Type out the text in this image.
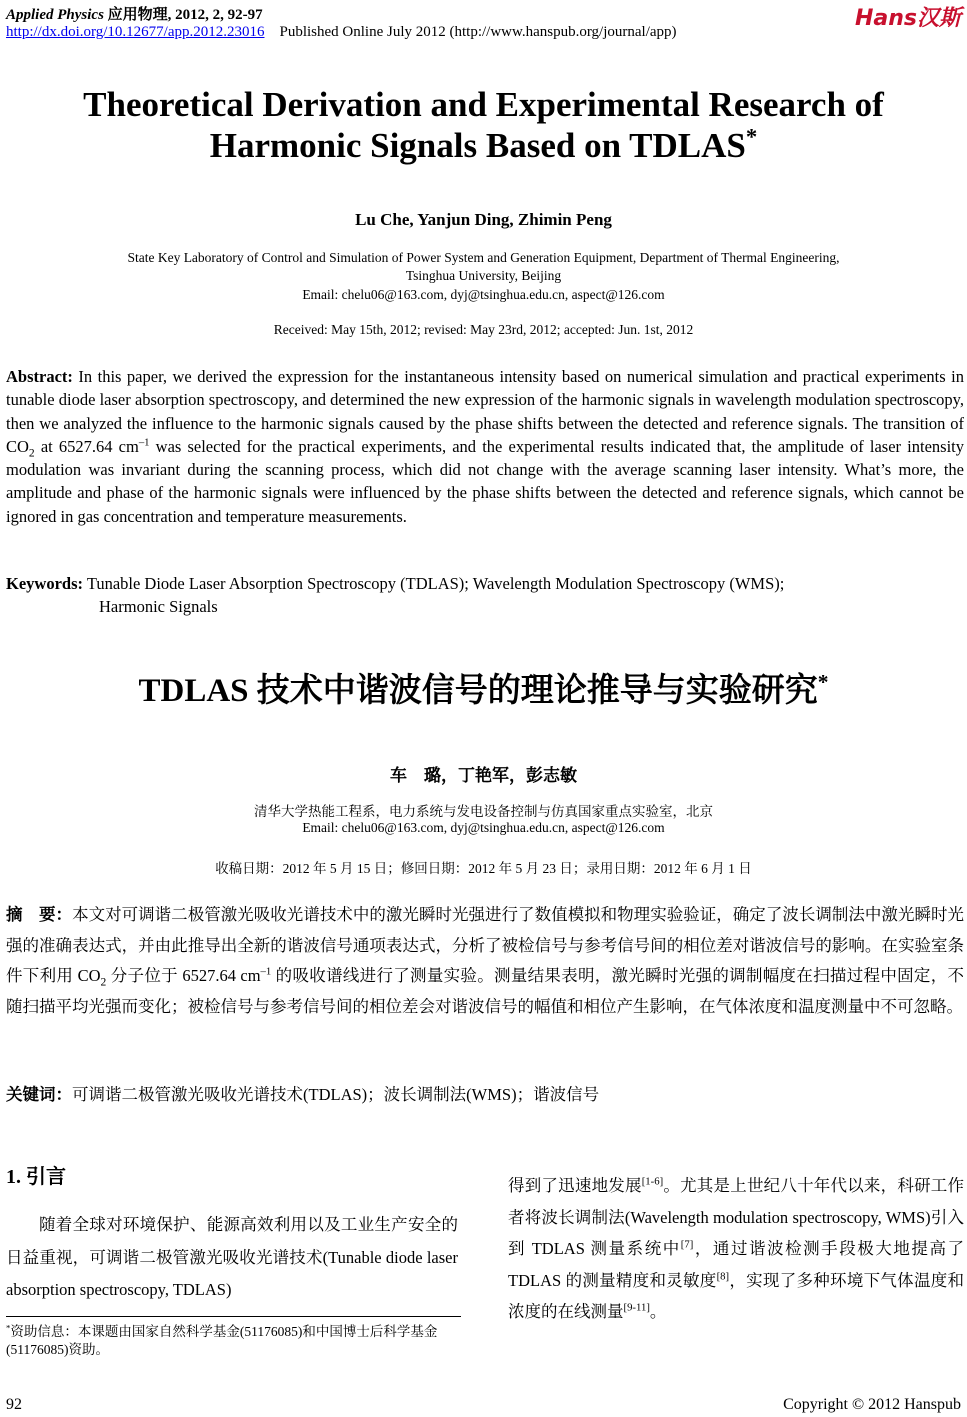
Applied Physics 应用物理, 2012, 2, 92-97
http://dx.doi.org/10.12677/app.2012.23016 Published Online July 2012 (http://www.hanspub.org/journal/app)
Hans汉斯
Theoretical Derivation and Experimental Research of
Harmonic Signals Based on TDLAS*
Lu Che, Yanjun Ding, Zhimin Peng
State Key Laboratory of Control and Simulation of Power System and Generation Equipment, Department of Thermal Engineering,
Tsinghua University, Beijing
Email: chelu06@163.com, dyj@tsinghua.edu.cn, aspect@126.com
Received: May 15th, 2012; revised: May 23rd, 2012; accepted: Jun. 1st, 2012
Abstract: In this paper, we derived the expression for the instantaneous intensity based on numerical simulation and practical experiments in tunable diode laser absorption spectroscopy, and determined the new expression of the harmonic signals in wavelength modulation spectroscopy, then we analyzed the influence to the harmonic signals caused by the phase shifts between the detected and reference signals. The transition of $CO_2$ at 6527.64 $cm^{-1}$ was selected for the practical experiments, and the experimental results indicated that, the amplitude of laser intensity modulation was invariant during the scanning process, which did not change with the average scanning laser intensity. What’s more, the amplitude and phase of the harmonic signals were influenced by the phase shifts between the detected and reference signals, which cannot be ignored in gas concentration and temperature measurements.
Keywords: Tunable Diode Laser Absorption Spectroscopy (TDLAS); Wavelength Modulation Spectroscopy (WMS);
Harmonic Signals
TDLAS 技术中谐波信号的理论推导与实验研究*
车　璐，丁艳军，彭志敏
清华大学热能工程系，电力系统与发电设备控制与仿真国家重点实验室，北京
Email: chelu06@163.com, dyj@tsinghua.edu.cn, aspect@126.com
收稿日期：2012 年 5 月 15 日；修回日期：2012 年 5 月 23 日；录用日期：2012 年 6 月 1 日
摘　要：本文对可调谐二极管激光吸收光谱技术中的激光瞬时光强进行了数值模拟和物理实验验证，确定了波长调制法中激光瞬时光强的准确表达式，并由此推导出全新的谐波信号通项表达式，分析了被检信号与参考信号间的相位差对谐波信号的影响。在实验室条件下利用 $CO_2$ 分子位于 6527.64 $cm^{-1}$ 的吸收谱线进行了测量实验。测量结果表明，激光瞬时光强的调制幅度在扫描过程中固定，不随扫描平均光强而变化；被检信号与参考信号间的相位差会对谐波信号的幅值和相位产生影响，在气体浓度和温度测量中不可忽略。
关键词：可调谐二极管激光吸收光谱技术(TDLAS)；波长调制法(WMS)；谐波信号
1. 引言
随着全球对环境保护、能源高效利用以及工业生产安全的日益重视，可调谐二极管激光吸收光谱技术(Tunable diode laser absorption spectroscopy, TDLAS)
得到了迅速地发展[1-6]。尤其是上世纪八十年代以来，科研工作者将波长调制法(Wavelength modulation spectroscopy, WMS)引入到 TDLAS 测量系统中[7]，通过谐波检测手段极大地提高了 TDLAS 的测量精度和灵敏度[8]，实现了多种环境下气体温度和浓度的在线测量[9-11]。
*资助信息：本课题由国家自然科学基金(51176085)和中国博士后科学基金(51176085)资助。
92	Copyright © 2012 Hanspub
